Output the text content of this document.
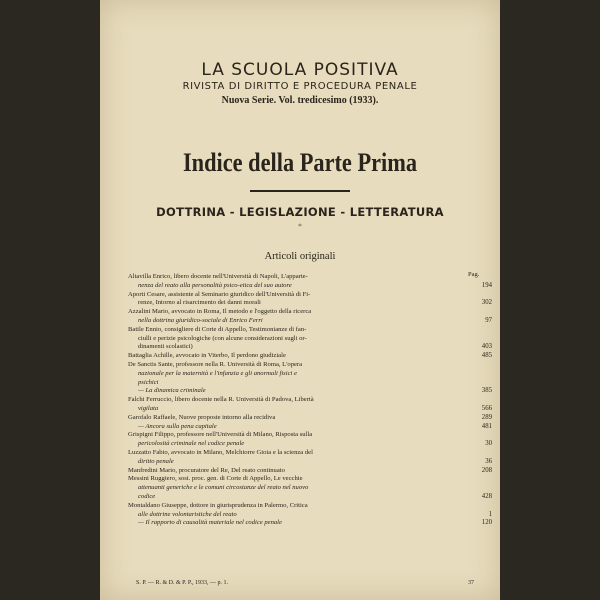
LA SCUOLA POSITIVA
RIVISTA DI DIRITTO E PROCEDURA PENALE
Nuova Serie. Vol. tredicesimo (1933).
Indice della Parte Prima
DOTTRINA - LEGISLAZIONE - LETTERATURA
*
Articoli originali
Pag.
Altavilla Enrico, libero docente nell'Università di Napoli, L'apparte-
nenza del reato alla personalità psico-etica del suo autore
Aporti Cesare, assistente al Seminario giuridico dell'Università di Fi-
renze, Intorno al risarcimento dei danni morali
Azzalini Mario, avvocato in Roma, Il metodo e l'oggetto della ricerca
nella dottrina giuridico-sociale di Enrico Ferri
Batile Ennio, consigliere di Corte di Appello, Testimonianze di fan-
ciulli e perizie psicologiche (con alcune considerazioni sugli or-
dinamenti scolastici)
Battaglia Achille, avvocato in Viterbo, Il perdono giudiziale
De Sanctis Sante, professore nella R. Università di Roma, L'opera
nazionale per la maternità e l'infanzia e gli anormali fisici e
psichici
— La dinamica criminale
Falchi Ferruccio, libero docente nella R. Università di Padova, Libertà
vigilata
Garofalo Raffaele, Nuove proposte intorno alla recidiva
— Ancora sulla pena capitale
Grispigni Filippo, professore nell'Università di Milano, Risposta sulla
pericolosità criminale nel codice penale
Luzzatto Fabio, avvocato in Milano, Melchiorre Gioia e la scienza del
diritto penale
Manfredini Mario, procuratore del Re, Del reato continuato
Messini Ruggiero, sost. proc. gen. di Corte di Appello, Le vecchie
attenuanti generiche e le comuni circostanze del reato nel nuovo
codice
Montaldano Giuseppe, dottore in giurisprudenza in Palermo, Critica
alle dottrine volontaristiche del reato
— Il rapporto di causalità materiale nel codice penale
194
302
97
403
485
385
566
289
481
30
36
208
428
1
120
S. P. — R. & D. & P. P., 1933, — p. 1.	37
